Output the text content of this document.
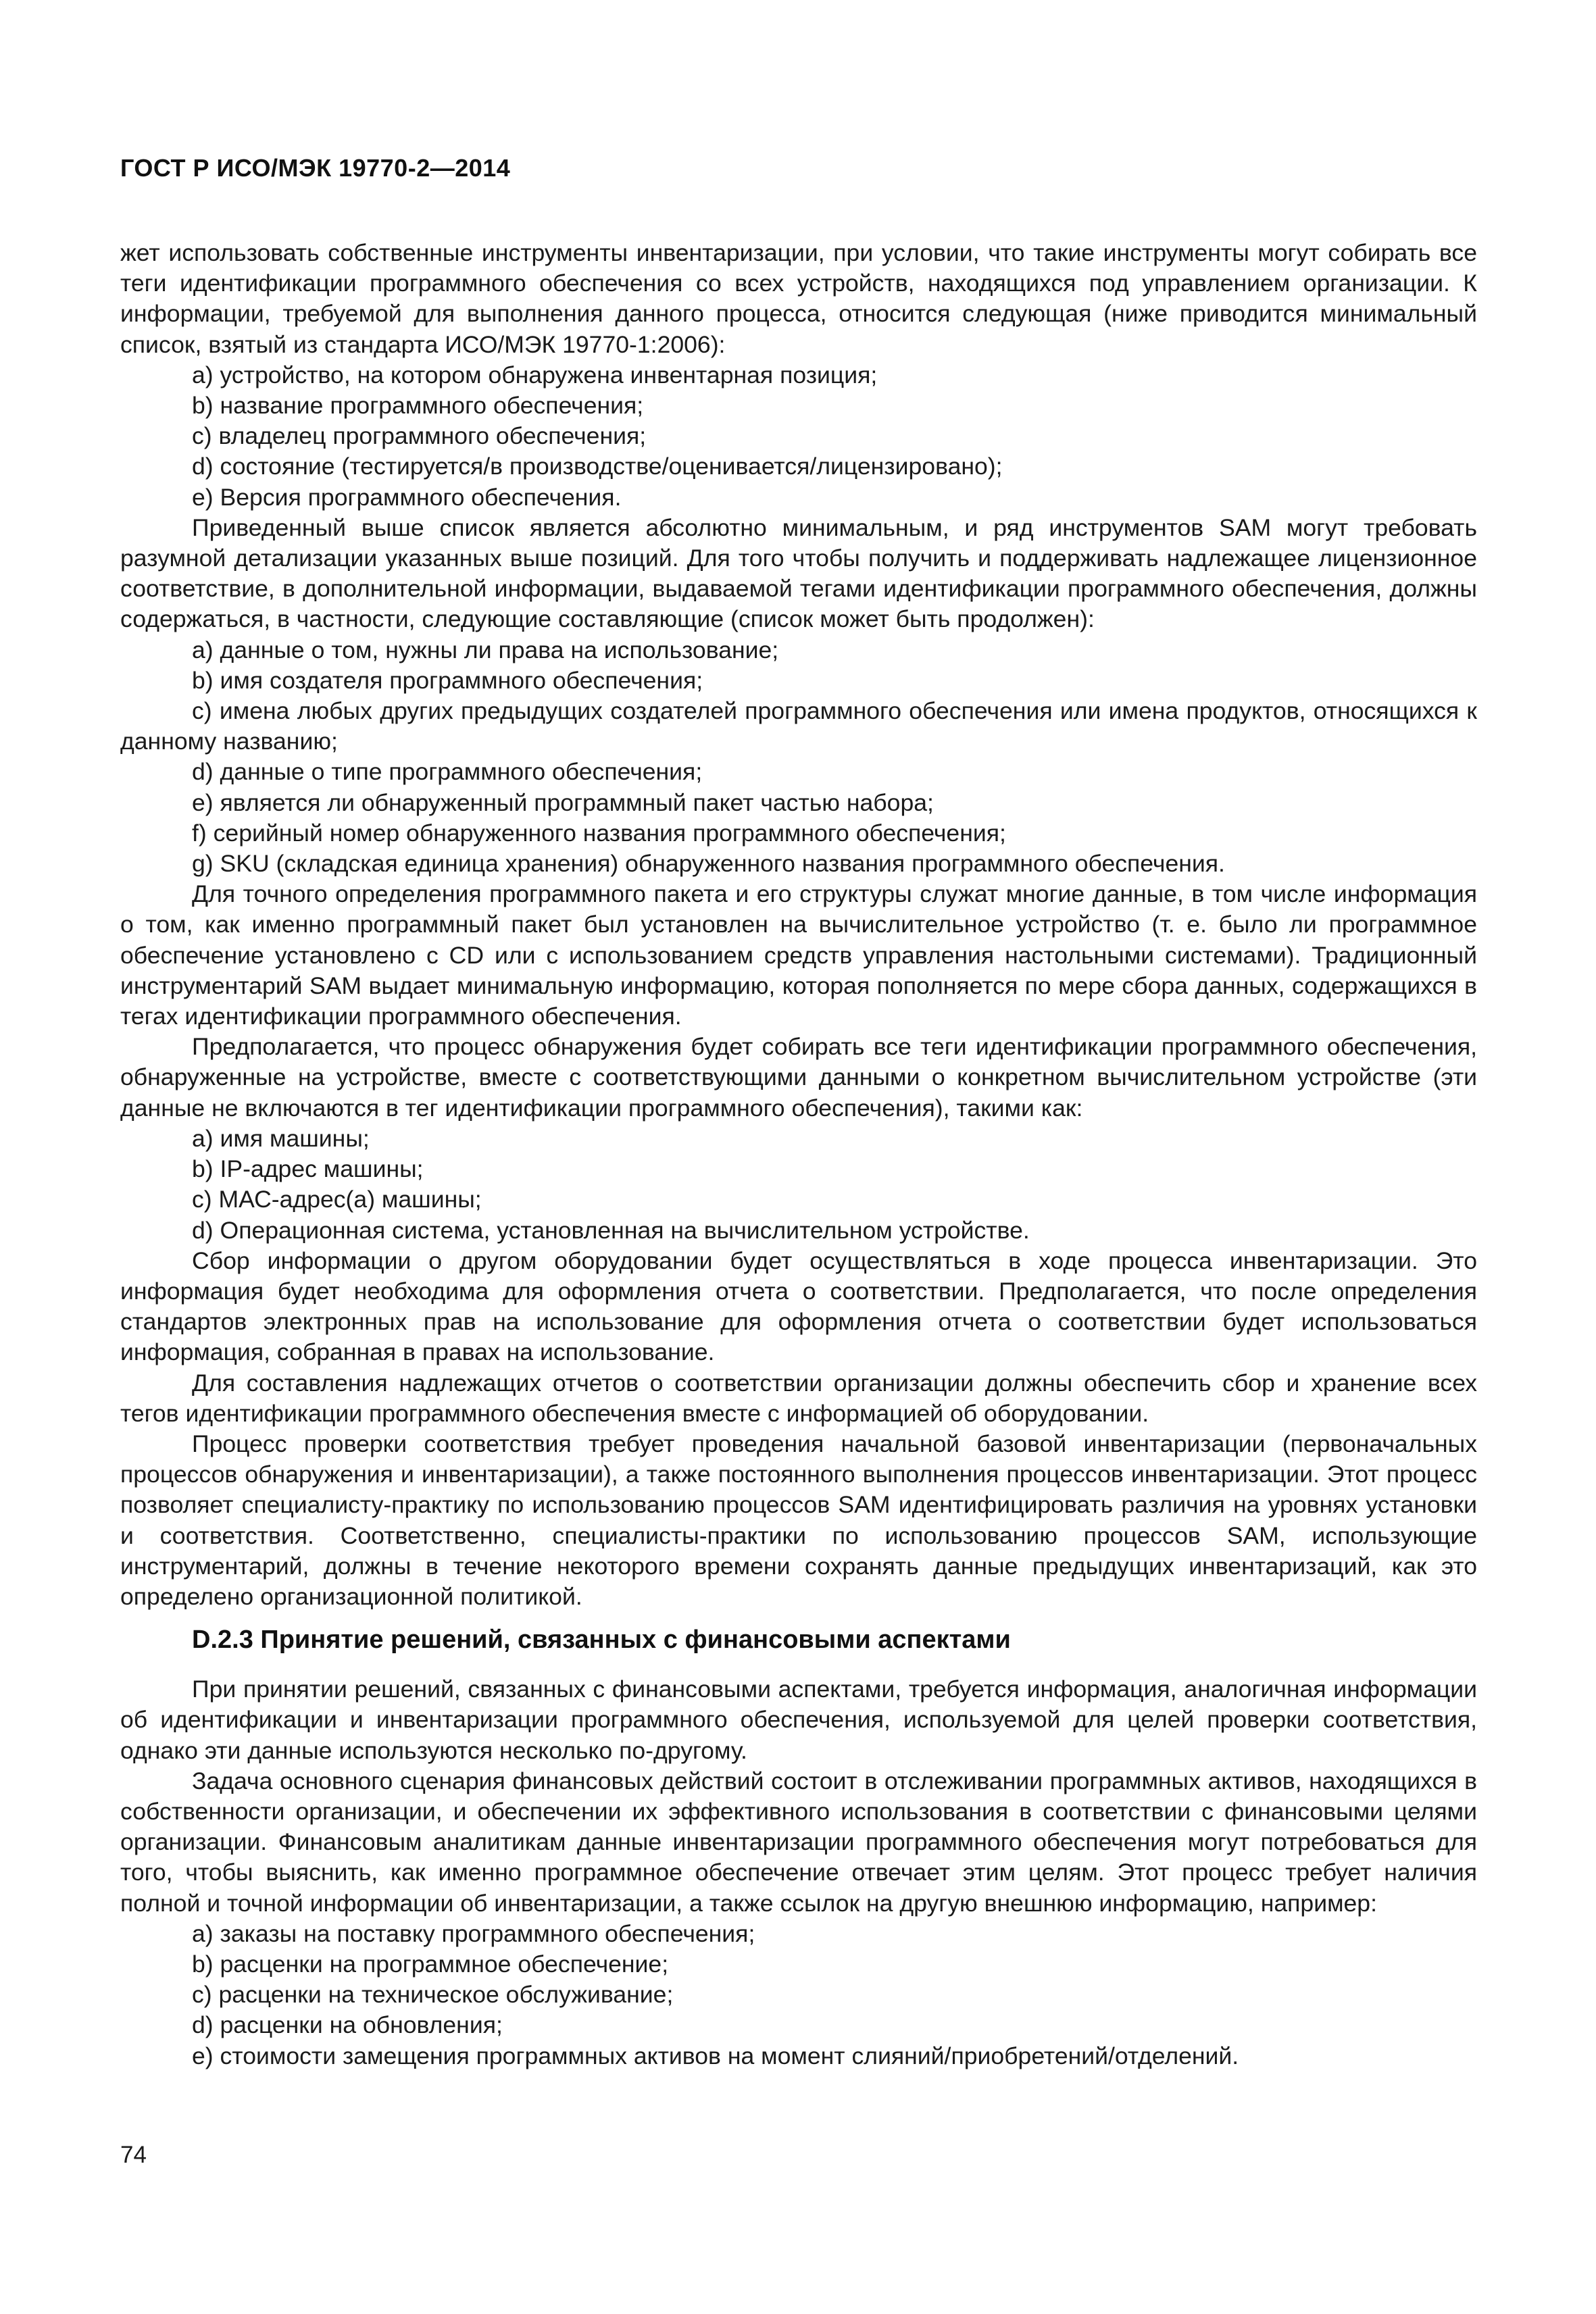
ГОСТ Р ИСО/МЭК 19770-2—2014
жет использовать собственные инструменты инвентаризации, при условии, что такие инструменты могут собирать все теги идентификации программного обеспечения со всех устройств, находящихся под управлением организации. К информации, требуемой для выполнения данного процесса, относится следующая (ниже приводится минимальный список, взятый из стандарта ИСО/МЭК 19770-1:2006):
a) устройство, на котором обнаружена инвентарная позиция;
b) название программного обеспечения;
c) владелец программного обеспечения;
d) состояние (тестируется/в производстве/оценивается/лицензировано);
e) Версия программного обеспечения.
Приведенный выше список является абсолютно минимальным, и ряд инструментов SAM могут требовать разумной детализации указанных выше позиций. Для того чтобы получить и поддерживать надлежащее лицензионное соответствие, в дополнительной информации, выдаваемой тегами идентификации программного обеспечения, должны содержаться, в частности, следующие составляющие (список может быть продолжен):
a) данные о том, нужны ли права на использование;
b) имя создателя программного обеспечения;
c) имена любых других предыдущих создателей программного обеспечения или имена продуктов, относящихся к данному названию;
d) данные о типе программного обеспечения;
e) является ли обнаруженный программный пакет частью набора;
f) серийный номер обнаруженного названия программного обеспечения;
g) SKU (складская единица хранения) обнаруженного названия программного обеспечения.
Для точного определения программного пакета и его структуры служат многие данные, в том числе информация о том, как именно программный пакет был установлен на вычислительное устройство (т. е. было ли программное обеспечение установлено с CD или с использованием средств управления настольными системами). Традиционный инструментарий SAM выдает минимальную информацию, которая пополняется по мере сбора данных, содержащихся в тегах идентификации программного обеспечения.
Предполагается, что процесс обнаружения будет собирать все теги идентификации программного обеспечения, обнаруженные на устройстве, вместе с соответствующими данными о конкретном вычислительном устройстве (эти данные не включаются в тег идентификации программного обеспечения), такими как:
a) имя машины;
b) IP-адрес машины;
c) МАС-адрес(а) машины;
d) Операционная система, установленная на вычислительном устройстве.
Сбор информации о другом оборудовании будет осуществляться в ходе процесса инвентаризации. Это информация будет необходима для оформления отчета о соответствии. Предполагается, что после определения стандартов электронных прав на использование для оформления отчета о соответствии будет использоваться информация, собранная в правах на использование.
Для составления надлежащих отчетов о соответствии организации должны обеспечить сбор и хранение всех тегов идентификации программного обеспечения вместе с информацией об оборудовании.
Процесс проверки соответствия требует проведения начальной базовой инвентаризации (первоначальных процессов обнаружения и инвентаризации), а также постоянного выполнения процессов инвентаризации. Этот процесс позволяет специалисту-практику по использованию процессов SAM идентифицировать различия на уровнях установки и соответствия. Соответственно, специалисты-практики по использованию процессов SAM, использующие инструментарий, должны в течение некоторого времени сохранять данные предыдущих инвентаризаций, как это определено организационной политикой.
D.2.3 Принятие решений, связанных с финансовыми аспектами
При принятии решений, связанных с финансовыми аспектами, требуется информация, аналогичная информации об идентификации и инвентаризации программного обеспечения, используемой для целей проверки соответствия, однако эти данные используются несколько по-другому.
Задача основного сценария финансовых действий состоит в отслеживании программных активов, находящихся в собственности организации, и обеспечении их эффективного использования в соответствии с финансовыми целями организации. Финансовым аналитикам данные инвентаризации программного обеспечения могут потребоваться для того, чтобы выяснить, как именно программное обеспечение отвечает этим целям. Этот процесс требует наличия полной и точной информации об инвентаризации, а также ссылок на другую внешнюю информацию, например:
a) заказы на поставку программного обеспечения;
b) расценки на программное обеспечение;
c) расценки на техническое обслуживание;
d) расценки на обновления;
e) стоимости замещения программных активов на момент слияний/приобретений/отделений.
74
